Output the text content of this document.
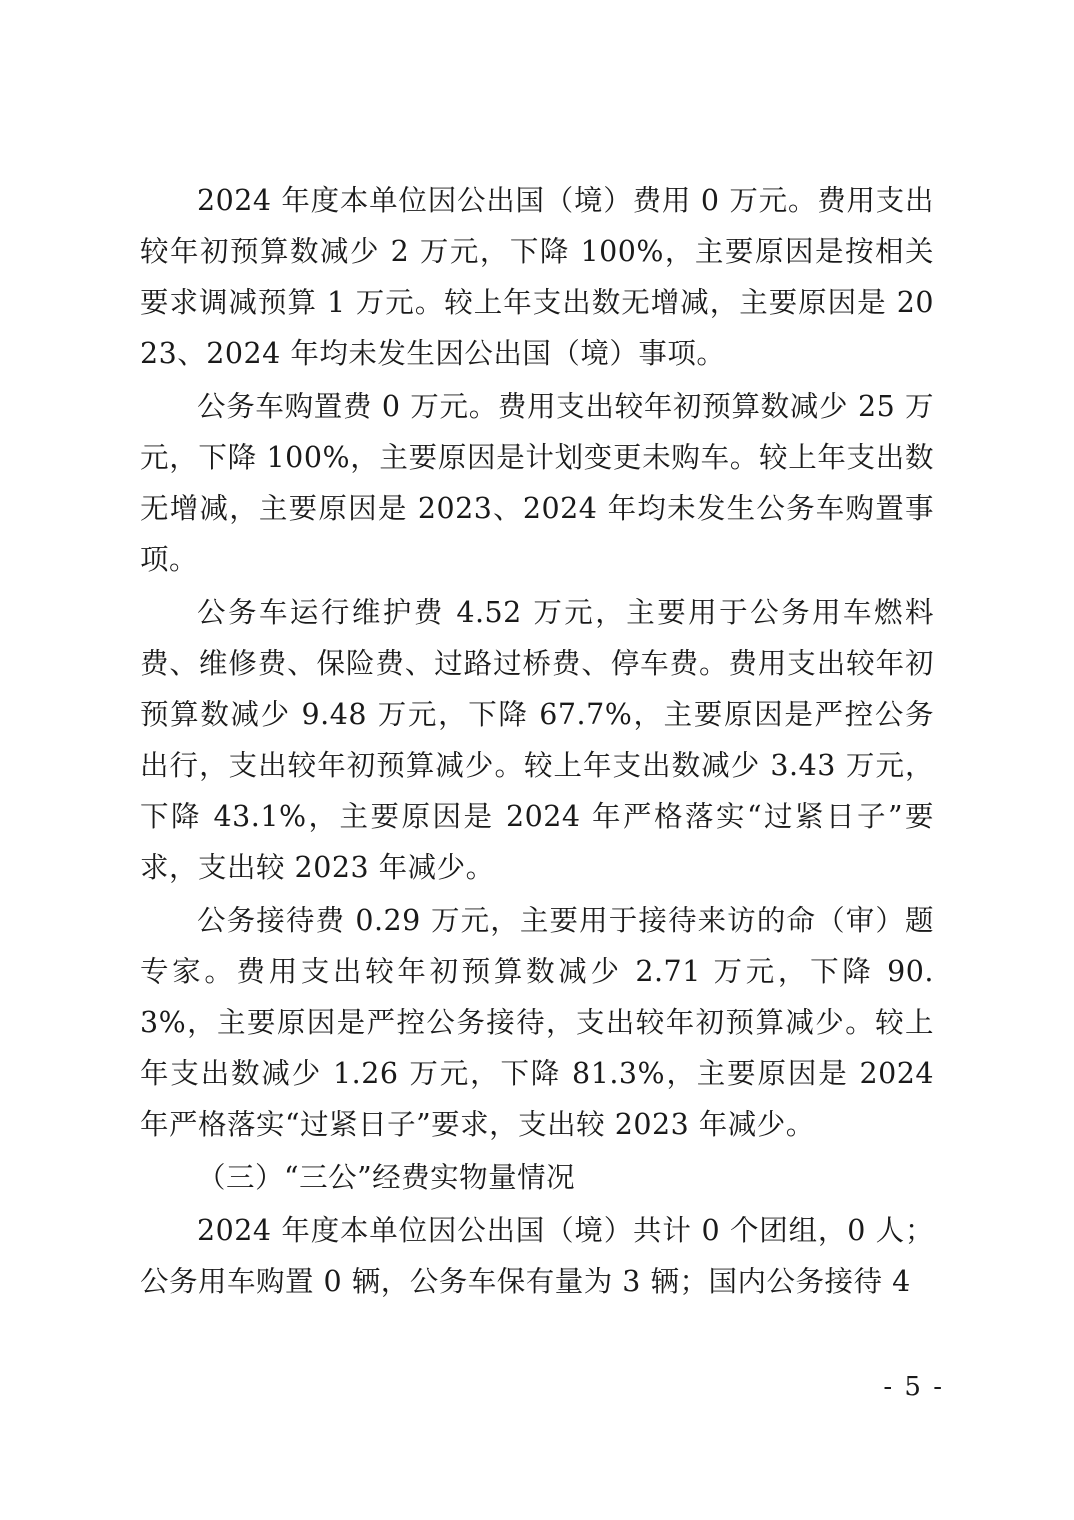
2024 年度本单位因公出国（境）费用 0 万元。费用支出较年初预算数减少 2 万元，下降 100%，主要原因是按相关要求调减预算 1 万元。较上年支出数无增减，主要原因是 2023、2024 年均未发生因公出国（境）事项。

公务车购置费 0 万元。费用支出较年初预算数减少 25 万元，下降 100%，主要原因是计划变更未购车。较上年支出数无增减，主要原因是 2023、2024 年均未发生公务车购置事项。

公务车运行维护费 4.52 万元，主要用于公务用车燃料费、维修费、保险费、过路过桥费、停车费。费用支出较年初预算数减少 9.48 万元，下降 67.7%，主要原因是严控公务出行，支出较年初预算减少。较上年支出数减少 3.43 万元，下降 43.1%，主要原因是 2024 年严格落实“过紧日子”要求，支出较 2023 年减少。

公务接待费 0.29 万元，主要用于接待来访的命（审）题专家。费用支出较年初预算数减少 2.71 万元，下降 90.3%，主要原因是严控公务接待，支出较年初预算减少。较上年支出数减少 1.26 万元，下降 81.3%，主要原因是 2024 年严格落实“过紧日子”要求，支出较 2023 年减少。

（三）“三公”经费实物量情况

2024 年度本单位因公出国（境）共计 0 个团组，0 人；公务用车购置 0 辆，公务车保有量为 3 辆；国内公务接待 4

- 5 -
